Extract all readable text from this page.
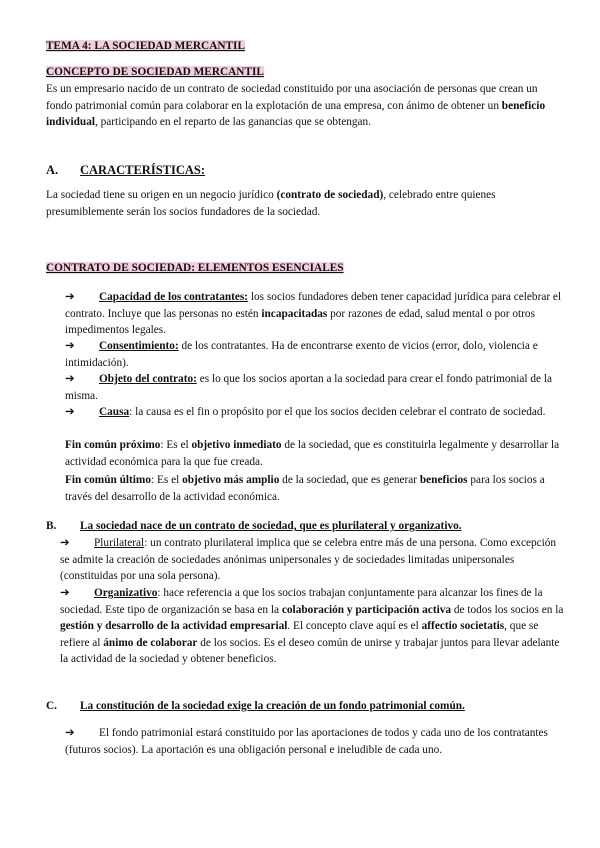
TEMA 4: LA SOCIEDAD MERCANTIL
CONCEPTO DE SOCIEDAD MERCANTIL
Es un empresario nacido de un contrato de sociedad constituido por una asociación de personas que crean un fondo patrimonial común para colaborar en la explotación de una empresa, con ánimo de obtener un beneficio individual, participando en el reparto de las ganancias que se obtengan.
A. CARACTERÍSTICAS:
La sociedad tiene su origen en un negocio jurídico (contrato de sociedad), celebrado entre quienes presumiblemente serán los socios fundadores de la sociedad.
CONTRATO DE SOCIEDAD: ELEMENTOS ESENCIALES
➔ Capacidad de los contratantes: los socios fundadores deben tener capacidad jurídica para celebrar el contrato. Incluye que las personas no estén incapacitadas por razones de edad, salud mental o por otros impedimentos legales.
➔ Consentimiento: de los contratantes. Ha de encontrarse exento de vicios (error, dolo, violencia e intimidación).
➔ Objeto del contrato: es lo que los socios aportan a la sociedad para crear el fondo patrimonial de la misma.
➔ Causa: la causa es el fin o propósito por el que los socios deciden celebrar el contrato de sociedad.
Fin común próximo: Es el objetivo inmediato de la sociedad, que es constituirla legalmente y desarrollar la actividad económica para la que fue creada.
Fin común último: Es el objetivo más amplio de la sociedad, que es generar beneficios para los socios a través del desarrollo de la actividad económica.
B. La sociedad nace de un contrato de sociedad, que es plurilateral y organizativo.
➔ Plurilateral: un contrato plurilateral implica que se celebra entre más de una persona. Como excepción se admite la creación de sociedades anónimas unipersonales y de sociedades limitadas unipersonales (constituidas por una sola persona).
➔ Organizativo: hace referencia a que los socios trabajan conjuntamente para alcanzar los fines de la sociedad. Este tipo de organización se basa en la colaboración y participación activa de todos los socios en la gestión y desarrollo de la actividad empresarial. El concepto clave aquí es el affectio societatis, que se refiere al ánimo de colaborar de los socios. Es el deseo común de unirse y trabajar juntos para llevar adelante la actividad de la sociedad y obtener beneficios.
C. La constitución de la sociedad exige la creación de un fondo patrimonial común.
➔ El fondo patrimonial estará constituido por las aportaciones de todos y cada uno de los contratantes (futuros socios). La aportación es una obligación personal e ineludible de cada uno.
